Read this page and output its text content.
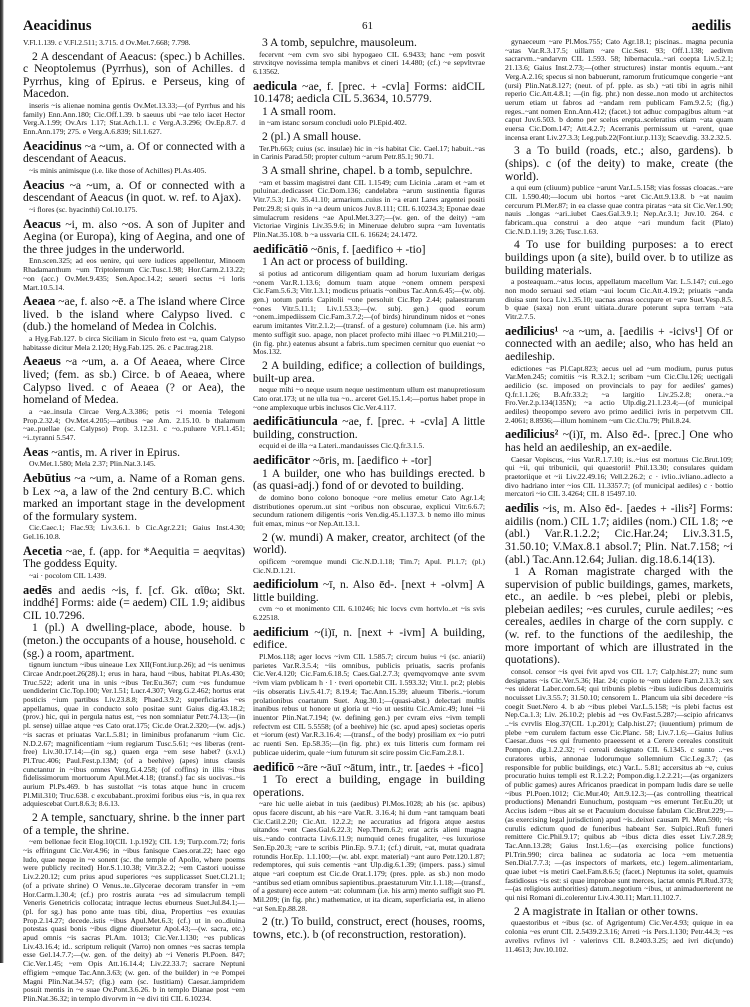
Aeacidinus	61	aedilis

V.Fl.1.139. c V.Fl.2.511; 3.715. d Ov.Met.7.668; 7.798.

2 A descendant of Aeacus: (spec.) b Achilles. c Neoptolemus (Pyrrhus), son of Achilles. d Pyrrhus, king of Epirus. e Perseus, king of Macedon.

inseris ~is alienae nomina gentis Ov.Met.13.33;—(of Pyrrhus and his family) Enn.Ann.180; Cic.Off.1.39. b saeuus ubi ~ae telo iacet Hector Verg.A.1.99; Ov.Ars 1.17; Stat.Ach.1.1. c Verg.A.3.296; Ov.Ep.8.7. d Enn.Ann.179; 275. e Verg.A.6.839; Sil.1.627.

Aeacidinus ~a ~um, a. Of or connected with a descendant of Aeacus.

~is minis animisque (i.e. like those of Achilles) Pl.As.405.

Aeacius ~a ~um, a. Of or connected with a descendant of Aeacus (in quot. w. ref. to Ajax).

~i flores (sc. hyacinthi) Col.10.175.

Aeacus ~i, m. also ~os. A son of Jupiter and Aegina (or Europa), king of Aegina, and one of the three judges in the underworld.

Enn.scen.325; ad eos uenire, qui uere iudices appellentur, Minoem Rhadamanthum ~um Triptolemum Cic.Tusc.1.98; Hor.Carm.2.13.22; ~on (acc.) Ov.Met.9.435; Sen.Apoc.14.2; seueri sectus ~i loris Mart.10.5.14.

Aeaea ~ae, f. also ~ē. a The island where Circe lived. b the island where Calypso lived. c (dub.) the homeland of Medea in Colchis.

a Hyg.Fab.127. b circa Siciliam in Siculo freto est ~a, quam Calypso habitasse dicitur Mela 2.120; Hyg.Fab.125. 26. c Pac.trag.218.

Aeaeus ~a ~um, a. a Of Aeaea, where Circe lived; (fem. as sb.) Circe. b of Aeaea, where Calypso lived. c of Aeaea (? or Aea), the homeland of Medea.

a ~ae..insula Circae Verg.A.3.386; petis ~i moenia Telegoni Prop.2.32.4; Ov.Met.4.205;—artibus ~ae Am. 2.15.10. b thalamum ~ae..puellae (sc. Calypso) Prop. 3.12.31. c ~o..puluere V.Fl.1.451; ~i..tyranni 5.547.

Aeas ~antis, m. A river in Epirus.

Ov.Met.1.580; Mela 2.37; Plin.Nat.3.145.

Aebūtius ~a ~um, a. Name of a Roman gens. b Lex ~a, a law of the 2nd century B.C. which marked an important stage in the development of the formulary system.

Cic.Caec.1; Flac.93; Liv.3.6.1. b Cic.Agr.2.21; Gaius Inst.4.30; Gel.16.10.8.

Aecetia ~ae, f. (app. for *Aequitia = aeqvitas) The goddess Equity.

~ai · pocolom CIL 1.439.

aedēs and aedis ~is, f. [cf. Gk. αἴθω; Skt. inddhé] Forms: aide (= aedem) CIL 1.9; aidibus CIL 10.7296.

1 (pl.) A dwelling-place, abode, house. b (meton.) the occupants of a house, household. c (sg.) a room, apartment.

tignum iunctum ~ibus uineaue Lex XII(Font.iur.p.26); ad ~is uenimus Circae Andr.poet.26(28).1; erus in hara, haud ~ibus, habitat Pl.As.430; Truc.522; aderit una in unis ~ibus Ter.Eu.367; cum ~es fundumue uendiderint Cic.Top.100; Ver.1.51; Lucr.4.307; Verg.G.2.462; hortus erat posticis ~ium partibus Liv.23.8.8; Phaed.3.9.2; superficiarias ~es appellamus, quae in conducto solo positae sunt Gaius dig.43.18.2; (prov.) hic, qui in pergula natus est, ~es non somniatur Petr.74.13;—(in pl. sense) uillae atque ~es Cato orat.175; Cic.de Orat.2.320;—(w. adjs.) ~is sacras et priuatas Var.L.5.81; in liminibus profanarum ~ium Cic. N.D.2.67; magnificentiam ~ium regiarum Tusc.5.61; ~es liberas (rent-free) Liv.30.17.14;—(in sg.) quaen erga ~em sese habet? (s.v.l.) Pl.Truc.406; Paul.Fest.p.13M; (of a beehive) (apes) intus clausis cunctantur in ~ibus omnes Verg.G.4.258; (of coffins) in illis ~ibus fidelissimorum mortuorum Apul.Met.4.18; (transf.) fac sis uocivas..~is aurium Pl.Ps.469. b has sustollat ~is totas atque hunc in crucem Pl.Mil.310; Truc.638. c excubabant..proximi foribus eius ~is, in qua rex adquiescebat Curt.8.6.3; 8.6.13.

2 A temple, sanctuary, shrine. b the inner part of a temple, the shrine.

~em bellonae fecit Elog.10(CIL 1.p.192); CIL 1.9; Turp.com.72; foris ~is effringunt Cic.Ver.4.96; in ~ibus fanisque Caes.orat.22; haec ego ludo, quae neque in ~e sonent (sc. the temple of Apollo, where poems were publicly recited) Hor.S.1.10.38; Vitr.3.2.2; ~em Castori uouisse Liv.2.20.12; cum prius apud superiores ~es supplicasset Suet.Cl.21.1; (of a private shrine) O Venus..te..Glycerae decoram transfer in ~em Hor.Carm.1.30.4; (cf.) pro rostris aurata ~es ad simulacrum templi Veneris Genetricis collocata; intraque lectus eburneus Suet.Jul.84.1;—(pl. for sg.) has pono ante tuas tibi, diua, Propertius ~es exuuias Prop.2.14.27; decede..istis ~ibus Apul.Met.6.3; (cf.) ut in eo..diuina potestas quasi bonis ~ibus digne diuersetur Apol.43;—(w. sacra, etc.) apud omnis ~is sacras Pl.Am. 1013; Cic.Ver.1.130; ~es publicas Liv.43.16.4; id.. scriptum reliquit (Varro) non omnes ~es sacras templa esse Gel.14.7.7;—(w. gen. of the deity) ab ~i Veneris Pl.Poen. 847; Cic.Ver.1.45; ~em Opis Att.16.14.4; Liv.22.33.7; sacrare Neptuni effigiem ~emque Tac.Ann.3.63; (w. gen. of the builder) in ~e Pompei Magni Plin.Nat.34.57; (fig.) eam (sc. Iustitiam) Caesar..iampridem posuit mentis in ~e suae Ov.Pont.3.6.26. b in templo Dianae post ~em Plin.Nat.36.32; in templo divorvm in ~e divi titi CIL 6.10234.

3 A tomb, sepulchre, mausoleum.

fecervnt ~em cvm svo sibi hypogaeo CIL 6.9433; hanc ~em posvit strvxitqve novissima templa manibvs et cineri 14.480; (cf.) ~e sepvltvrae 6.13562.

aedicula ~ae, f. [prec. + -cvla] Forms: aidCIL 10.1478; aedicla CIL 5.3634, 10.5779.

1 A small room.

in ~am istanc sorsum concludi uolo Pl.Epid.402.

2 (pl.) A small house.

Ter.Ph.663; cuius (sc. insulae) hic in ~is habitat Cic. Cael.17; habuit..~as in Carinis Parad.50; propter cultum ~arum Petr.85.1; 90.71.

3 A small shrine, chapel. b a tomb, sepulchre.

~am et bassim magistrei dant CIL 1.1549; cum Licinia ..aram et ~am et puluinar..dedicasset Cic.Dom.136; candelabra ~arum sustinentia figuras Vitr.7.5.3; Liv. 35.41.10; armarium..cuius in ~a erant Lares argentei positi Petr.29.8; si quis in ~a deum unicos Juv.8.111; CIL 6.10234.3; Eponae deae simulacrum residens ~ae Apul.Met.3.27;—(w. gen. of the deity) ~am Victoriae Virginis Liv.35.9.6; in Mineruae delubro supra ~am Iuventatis Plin.Nat.35.108. b ~a ussvaria CIL 6. 16624; 24.1472.

aedificātiō ~ōnis, f. [aedifico + -tio]

1 An act or process of building.

si potius ad anticorum diligentiam quam ad horum luxuriam derigas ~onem Var.R.1.13.6; domum tuam atque ~onem omnem perspexi Cic.Fam.5.6.3; Vitr.1.3.1; modicus priuatis ~onibus Tac.Ann.6.45;—(w. obj. gen.) uotum patris Capitolii ~one persoluit Cic.Rep 2.44; palaestrarum ~ones Vitr.5.11.1; Liv.1.53.3;—(w. subj. gen.) quod eorum ~onem..impediissem Cic.Fam.3.7.2;—(of birds) hirundinum nidos et ~ones earum imitantes Vitr.2.1.2;—(transf. of a gesture) columnam (i.e. his arm) mento suffigit suo. apage, non placet profecto mihi illaec ~o Pl.Mil.210;—(in fig. phr.) eatenus absunt a fabris..tum specimen cernitur quo eueniat ~o Mos.132.

2 A building, edifice; a collection of buildings, built-up area.

neque mihi ~o neque usum neque uestimentum ullum est manupretiosum Cato orat.173; ut ne ulla tua ~o.. arceret Gel.15.1.4;—portus habet prope in ~one amplexuque urbis inclusos Cic.Ver.4.117.

aedificātiuncula ~ae, f. [prec. + -cvla] A little building, construction.

ecquid ei de illa ~a Lateri..mandauisses Cic.Q.fr.3.1.5.

aedificātor ~ōris, m. [aedifico + -tor]

1 A builder, one who has buildings erected. b (as quasi-adj.) fond of or devoted to building.

de domino bono colono bonoque ~ore melius emetur Cato Agr.1.4; distributiones operum..ut sint ~oribus non obscurae, explicui Vitr.6.6.7; secundum rationem diligentis ~oris Ven.dig.45.1.137.3. b nemo illo minus fuit emax, minus ~or Nep.Att.13.1.

2 (w. mundi) A maker, creator, architect (of the world).

opificem ~oremque mundi Cic.N.D.1.18; Tim.7; Apul. Pl.1.7; (pl.) Cic.N.D.1.21.

aedificiolum ~ī, n. Also ēd-. [next + -olvm] A little building.

cvm ~o et monimento CIL 6.10246; hic locvs cvm hortvlo..et ~is svis 6.22518.

aedificium ~(i)ī, n. [next + -ivm] A building, edifice.

Pl.Mos.118; ager locvs ~ivm CIL 1.585.7; circum huius ~i (sc. aniarii) parietes Var.R.3.5.4; ~iis omnibus, publicis priuatis, sacris profanis Cic.Ver.4.120; Cic.Fam.6.18.5; Caes.Gal.2.7.3; qvemqvomqve ante svvm ~ivm viam pvblicam h · l · tveri oportebit CIL 1.593.32; Vitr.1. pr.2; plebis ~iis obseratis Liv.5.41.7; 8.19.4; Tac.Ann.15.39; alueum Tiberis..~iorum prolationibus coartatum Suet. Aug.30.1;—(quasi-abst.) delectari multis inanibus rebus ut honore ut gloria ut ~io ut uestitu Cic.Amic.49; lutei ~ii inuentor Plin.Nat.7.194; (w. defining gen.) per cvram eivs ~ivm templi refectvm est CIL 5.5558; (of a beehive) hic (sc. apud apes) societas operis et ~iorum (est) Var.R.3.16.4; —(transf., of the body) prosiliam ex ~io putri ac ruenti Sen. Ep.58.35;—(in fig. phr.) ex tuis litteris cum formam rei publicae uiderim, quale ~ium futurum sit scire possim Cic.Fam.2.8.1.

aedificō ~āre ~āuī ~ātum, intr., tr. [aedes + -fico]

1 To erect a building, engage in building operations.

~are hic uelle aiebat in tuis (aedibus) Pl.Mos.1028; ab his (sc. apibus) opus facere discunt, ab his ~are Var.R. 3.16.4; hi dum ~ant tamquam beati Cic.Catil.2.20; Cic.Att. 12.2.2; ne accuratius ad frigora atque aestus uitandos ~ent Caes.Gal.6.22.3; Nep.Them.6.2; erat acris alieni magna uis..~ando contracta Liv.6.11.9; numquid cenes frugaliter, ~es luxuriose Sen.Ep.20.3; ~are te scribis Plin.Ep. 9.7.1; (cf.) diruit, ~at, mutat quadrata rotundis Hor.Ep. 1.1.100;—(w. abl. expr. material) ~ant auro Petr.120.1.87; redemptores, qui suis cementis ~ant Ulp.dig.6.1.39; (impers. pass.) simul atque ~ari coeptum est Cic.de Orat.1.179; (pres. pple. as sb.) non modo ~antibus sed etiam omnibus sapientibus..praestaturum Vitr.1.1.18;—(transf., of a gesture) ecce autem ~at: columnam (i.e. his arm) mento suffigit suo Pl. Mil.209; (in fig. phr.) mathematice, ut ita dicam, superficiaria est, in alieno ~at Sen.Ep.88.28.

2 (tr.) To build, construct, erect (houses, rooms, towns, etc.). b (of reconstruction, restoration).

gynaeceum ~are Pl.Mos.755; Cato Agr.18.1; piscinas.. magna pecunia ~atas Var.R.3.17.5; uillam ~are Cic.Sest. 93; Off.1.138; aedivm sacrarvm..~andarvm CIL 1.593. 58; hibernacula..~ari coepta Liv.5.2.1; 21.13.6; Gaius Inst.2.73;—(other structures) instar montis equum..~ant Verg.A.2.16; specus si non babuerunt, ramorum fruticumque congerie ~ant (ursi) Plin.Nat.8.127; (neut. of pf. pple. as sb.) ~ati tibi in agris nihil reperio Cic.Att.4.8.1; —(in fig. phr.) non desse..non modo ut architectos uerum etiam ut fabros ad ~andam rem publicam Fam.9.2.5; (fig.) reges..~ant nomen Enn.Ann.412; (facet.) tot adhuc compagibus altum ~at caput Juv.6.503. b domo per scelus erepta..sceleratius etiam ~ata quam euersa Cic.Dom.147; Att.4.2.7; Acerranis permissum ut ~arent, quae incensa erant Liv.27.3.3; Leg.pub.22(Font.iur.p.113); Scaev.dig. 33.2.32.5.

3 a To build (roads, etc.; also, gardens). b (ships). c (of the deity) to make, create (the world).

a qui eum (cliuum) publice ~arunt Var.L.5.158; vias fossas cloacas..~are CIL 1.590.40;—locum ubi hortos ~aret Cic.Att.9.13.8. b ~at nauim cercurum Pl.Mer.87; in ea classe quae contra piratas ~ata sit Cic.Ver.1.90; nauis ..longas ~ari..iubet Caes.Gal.3.9.1; Nep.Ar.3.1; Juv.10. 264. c fabricam..qua construi a deo atque ~ari mundum facit (Plato) Cic.N.D.1.19; 3.26; Tusc.1.63.

4 To use for building purposes: a to erect buildings upon (a site), build over. b to utilize as building materials.

a posteaquam..~atus locus, appellatum macellum Var. L.5.147; cui..ego non modo seruaui sed etiam ~aui locum Cic.Att.4.19.2; priuatis ~anda diuisa sunt loca Liv.1.35.10; uacnas areas occupare et ~are Suet.Vesp.8.5. b quae (saxa) non erunt uitiata..durare poterunt supra terram ~ata Vitr.2.7.5.

aedīlicius¹ ~a ~um, a. [aedilis + -icivs¹] Of or connected with an aedile; also, who has held an aedileship.

edictiones ~as Pl.Capt.823; aecus uel ad ~um modium, purus putus Var.Men.245; comitiis ~is R.3.2.1; scribam ~um Cic.Clu.126; uectigali aedilicio (sc. imposed on provincials to pay for aediles' games) Q.fr.1.1.26; B.Afr.33.2; ~a largitio Liv.25.2.8; onera..~a Fro.Ver.2.p.134(135N); ~a actio Ulp.dig.21.1.23.4;—(of municipal aediles) theopompo severo avo primo aedilici ivris in perpetvvm CIL 2.4061; 8.8936;—illum hominem ~um Cic.Clu.79; Phil.8.24.

aedīlicius² ~(i)ī, m. Also ēd-. [prec.] One who has held an aedileship, an ex-aedile.

Caesar Vopiscus, ~ius Var.R.1.7.10; is..~ius est mortuus Cic.Brut.109; qui ~ii, qui tribunicii, qui quaestorii! Phil.13.30; consulares quidam praetoriique et ~ii Liv.22.49.16; Vell.2.26.2; c · ivlio..ivliano..adlecto a divo hadriano inter ~ios CIL 11.3357.7; (of municipal aediles) c · bottio mercatori ~io CIL 3.4264; CIL 8 15497.10.

aedīlis ~is, m. Also ēd-. [aedes + -ilis²] Forms: aidilis (nom.) CIL 1.7; aidiles (nom.) CIL 1.8; ~e (abl.) Var.R.1.2.2; Cic.Har.24; Liv.3.31.5, 31.50.10; V.Max.8.1 absol.7; Plin. Nat.7.158; ~i (abl.) Tac.Ann.12.64; Julian. dig.18.6.14(13).

1 A Roman magistrate charged with the supervision of public buildings, games, markets, etc., an aedile. b ~es plebei, plebi or plebis, plebeian aediles; ~es curules, curule aediles; ~es cereales, aediles in charge of the corn supply. c (w. ref. to the functions of the aedileship, the more important of which are illustrated in the quotations).

consol. censor ~is qvei fvit apvd vos CIL 1.7; Calp.hist.27; nunc sum designatus ~is Cic.Ver.5.36; Har. 24; cupio te ~em uidere Fam.2.13.3; sex ~es uiderat Laber.com.64; qui tribunis plebis ~ibus iudicibus decemuiris nocuisset Liv.3.55.7; 31.50.10; censorem L. Plancum uia sibi decedere ~is coegit Suet.Nero 4. b ab ~ibus plebei Var.L.5.158; ~is plebi factus est Nep.Ca.1.3; Liv. 26.10.2; plebis ad ~es Ov.Fast.5.287;—scipio africanvs ..~is cvrvlis Elog.37(CIL 1.p.201); Calp.hist.27; (iuuentium) primum de plebe ~em curulem factum esse Cic.Planc. 58; Liv.7.1.6;—Gaius Iulius Caesar..duos ~es qui frumento praeessent et a Cerere cereales constituit Pompon. dig.1.2.2.32; ~i cereali designato CIL 6.1345. c sunto ..~es curatores urbis, annonae ludorumque sollemnium Cic.Leg.3.7; (as responsible for public buildings, etc.) Var.L. 5.81; accersitus ab ~e, cuius procuratio huius templi est R.1.2.2; Pompon.dig.1.2.2.21;—(as organizers of public games) aures Africanos praedicat in pompam ludis dare se uelle ~ibus Pl.Poen.1012; Cic.Mur.40; Att.9.12.3;—(as controlling theatrical productions) Menandri Eunuchum, postquam ~es emerunt Ter.Eu.20; ut Accius isdem ~ibus ait se et Pacuuium docuisse fabulam Cic.Brut.229;—(as exercising legal jurisdiction) apud ~is..deixei causam Pl. Men.590; ~is curulis edictum quod de funeribus habeant Ser. Sulpici..Rufi funeri remittere Cic.Phil.9.17; quibus ab ~ibus dicta dies esset Liv.7.28.9; Tac.Ann.13.28; Gaius Inst.1.6;—(as exercising police functions) Pl.Trin.990; circa balinea ac sudatoria ac loca ~em metuentia Sen.Dial.7.7.3; —(as inspectors of markets, etc.) legem..alimentariam, quae iubet ~is metiri Cael.Fam.8.6.5; (facet.) Neptunus ita solet, quamuis fastidiosus ~is est: si quae improbae sunt merces, iactat omnis Pl.Rud.373;—(as religious authorities) datum..negotium ~ibus, ut animaduerterent ne qui nisi Romani di..colerentur Liv.4.30.11; Mart.11.102.7.

2 A magistrate in Italian or other towns.

quaestoribus et ~ibus (sc. of Agrigentum) Cic.Ver.4.93; quique in ea colonia ~es erunt CIL 2.5439.2.3.16; Arreti ~is Pers.1.130; Petr.44.3; ~es avrelivs rvfinvs ivl · valerinvs CIL 8.2403.3.25; aed ivri dic(undo) 11.4613; Juv.10.102.
